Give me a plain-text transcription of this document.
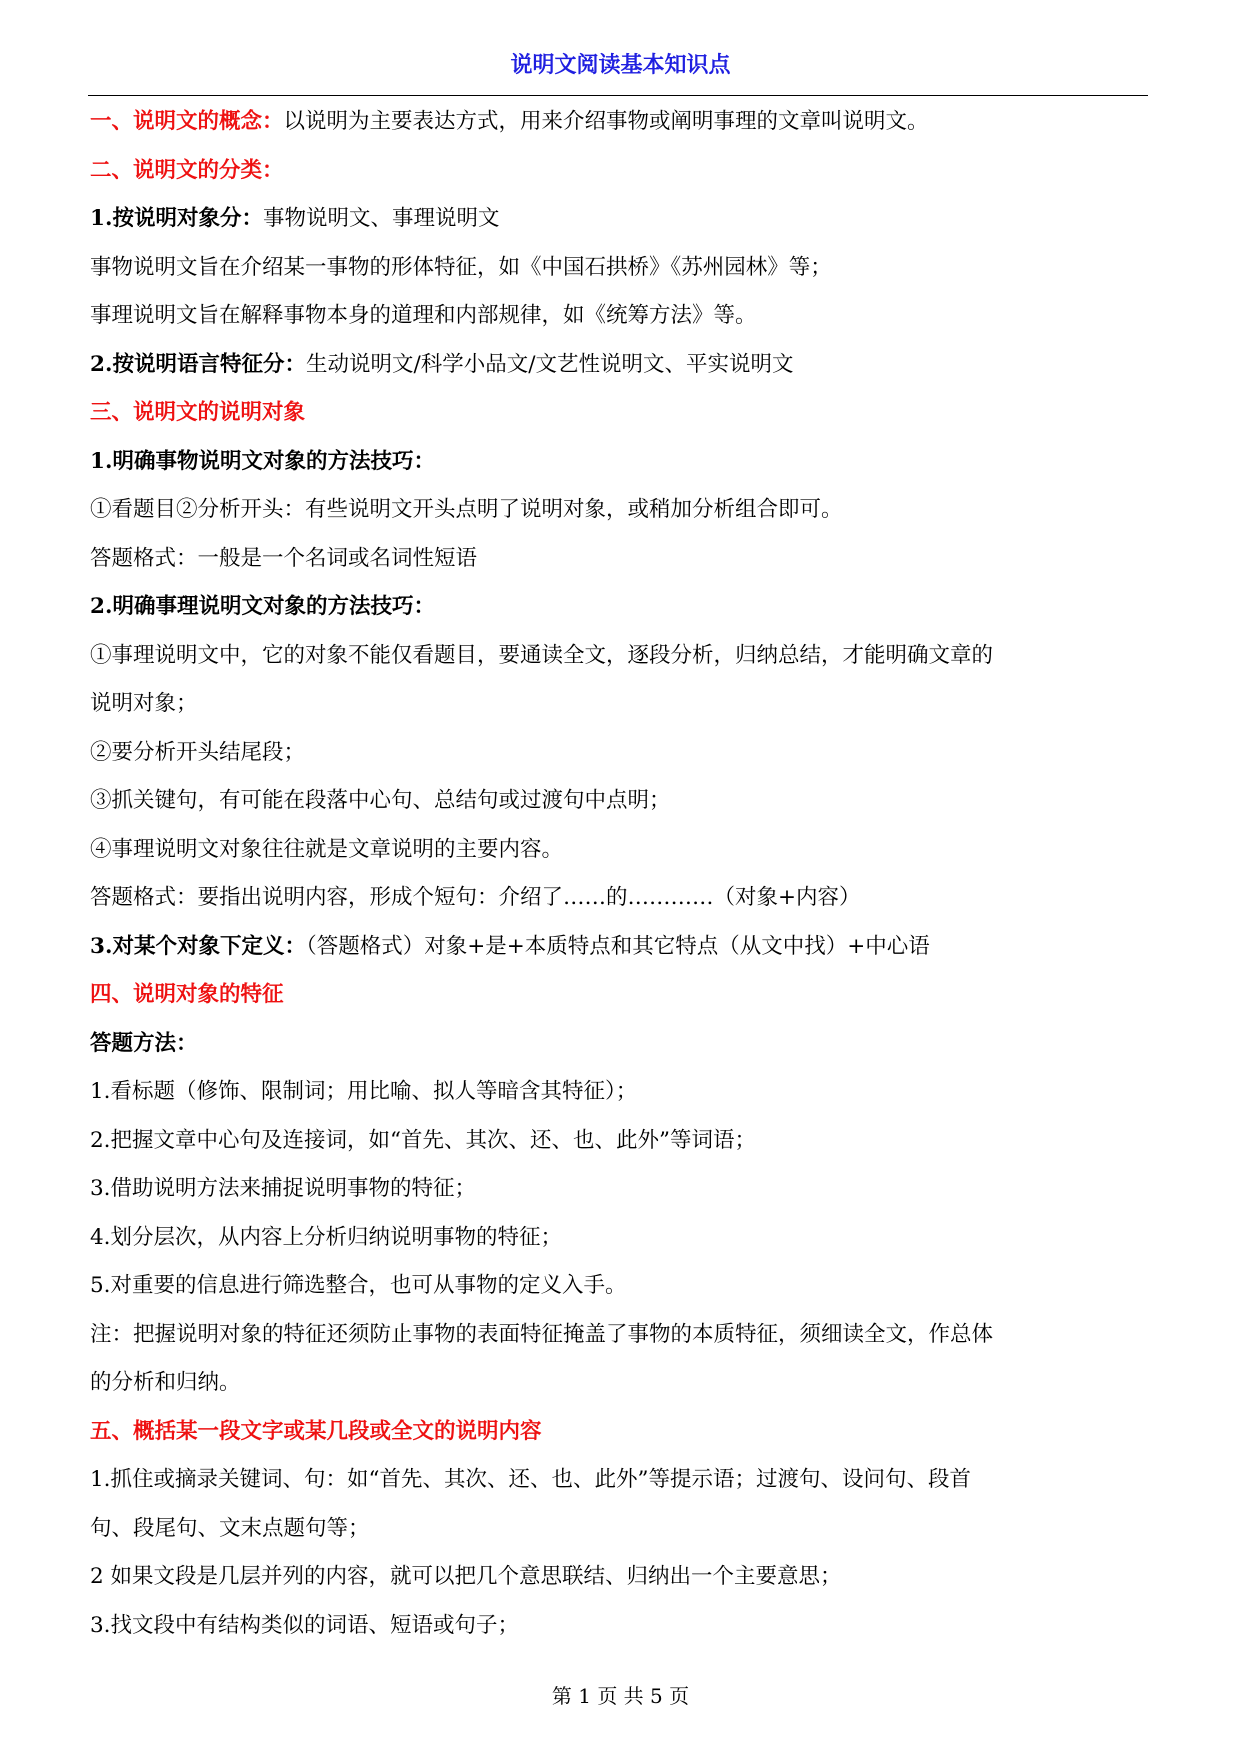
说明文阅读基本知识点
一、说明文的概念：以说明为主要表达方式，用来介绍事物或阐明事理的文章叫说明文。
二、说明文的分类：
1.按说明对象分：事物说明文、事理说明文
事物说明文旨在介绍某一事物的形体特征，如《中国石拱桥》《苏州园林》等；
事理说明文旨在解释事物本身的道理和内部规律，如《统筹方法》等。
2.按说明语言特征分：生动说明文/科学小品文/文艺性说明文、平实说明文
三、说明文的说明对象
1.明确事物说明文对象的方法技巧：
①看题目②分析开头：有些说明文开头点明了说明对象，或稍加分析组合即可。
答题格式：一般是一个名词或名词性短语
2.明确事理说明文对象的方法技巧：
①事理说明文中，它的对象不能仅看题目，要通读全文，逐段分析，归纳总结，才能明确文章的
说明对象；
②要分析开头结尾段；
③抓关键句，有可能在段落中心句、总结句或过渡句中点明；
④事理说明文对象往往就是文章说明的主要内容。
答题格式：要指出说明内容，形成个短句：介绍了……的…………（对象+内容）
3.对某个对象下定义：（答题格式）对象+是+本质特点和其它特点（从文中找）+中心语
四、说明对象的特征
答题方法：
1.看标题（修饰、限制词；用比喻、拟人等暗含其特征）；
2.把握文章中心句及连接词，如“首先、其次、还、也、此外”等词语；
3.借助说明方法来捕捉说明事物的特征；
4.划分层次，从内容上分析归纳说明事物的特征；
5.对重要的信息进行筛选整合，也可从事物的定义入手。
注：把握说明对象的特征还须防止事物的表面特征掩盖了事物的本质特征，须细读全文，作总体
的分析和归纳。
五、概括某一段文字或某几段或全文的说明内容
1.抓住或摘录关键词、句：如“首先、其次、还、也、此外”等提示语；过渡句、设问句、段首
句、段尾句、文末点题句等；
2 如果文段是几层并列的内容，就可以把几个意思联结、归纳出一个主要意思；
3.找文段中有结构类似的词语、短语或句子；
第 1 页 共 5 页
